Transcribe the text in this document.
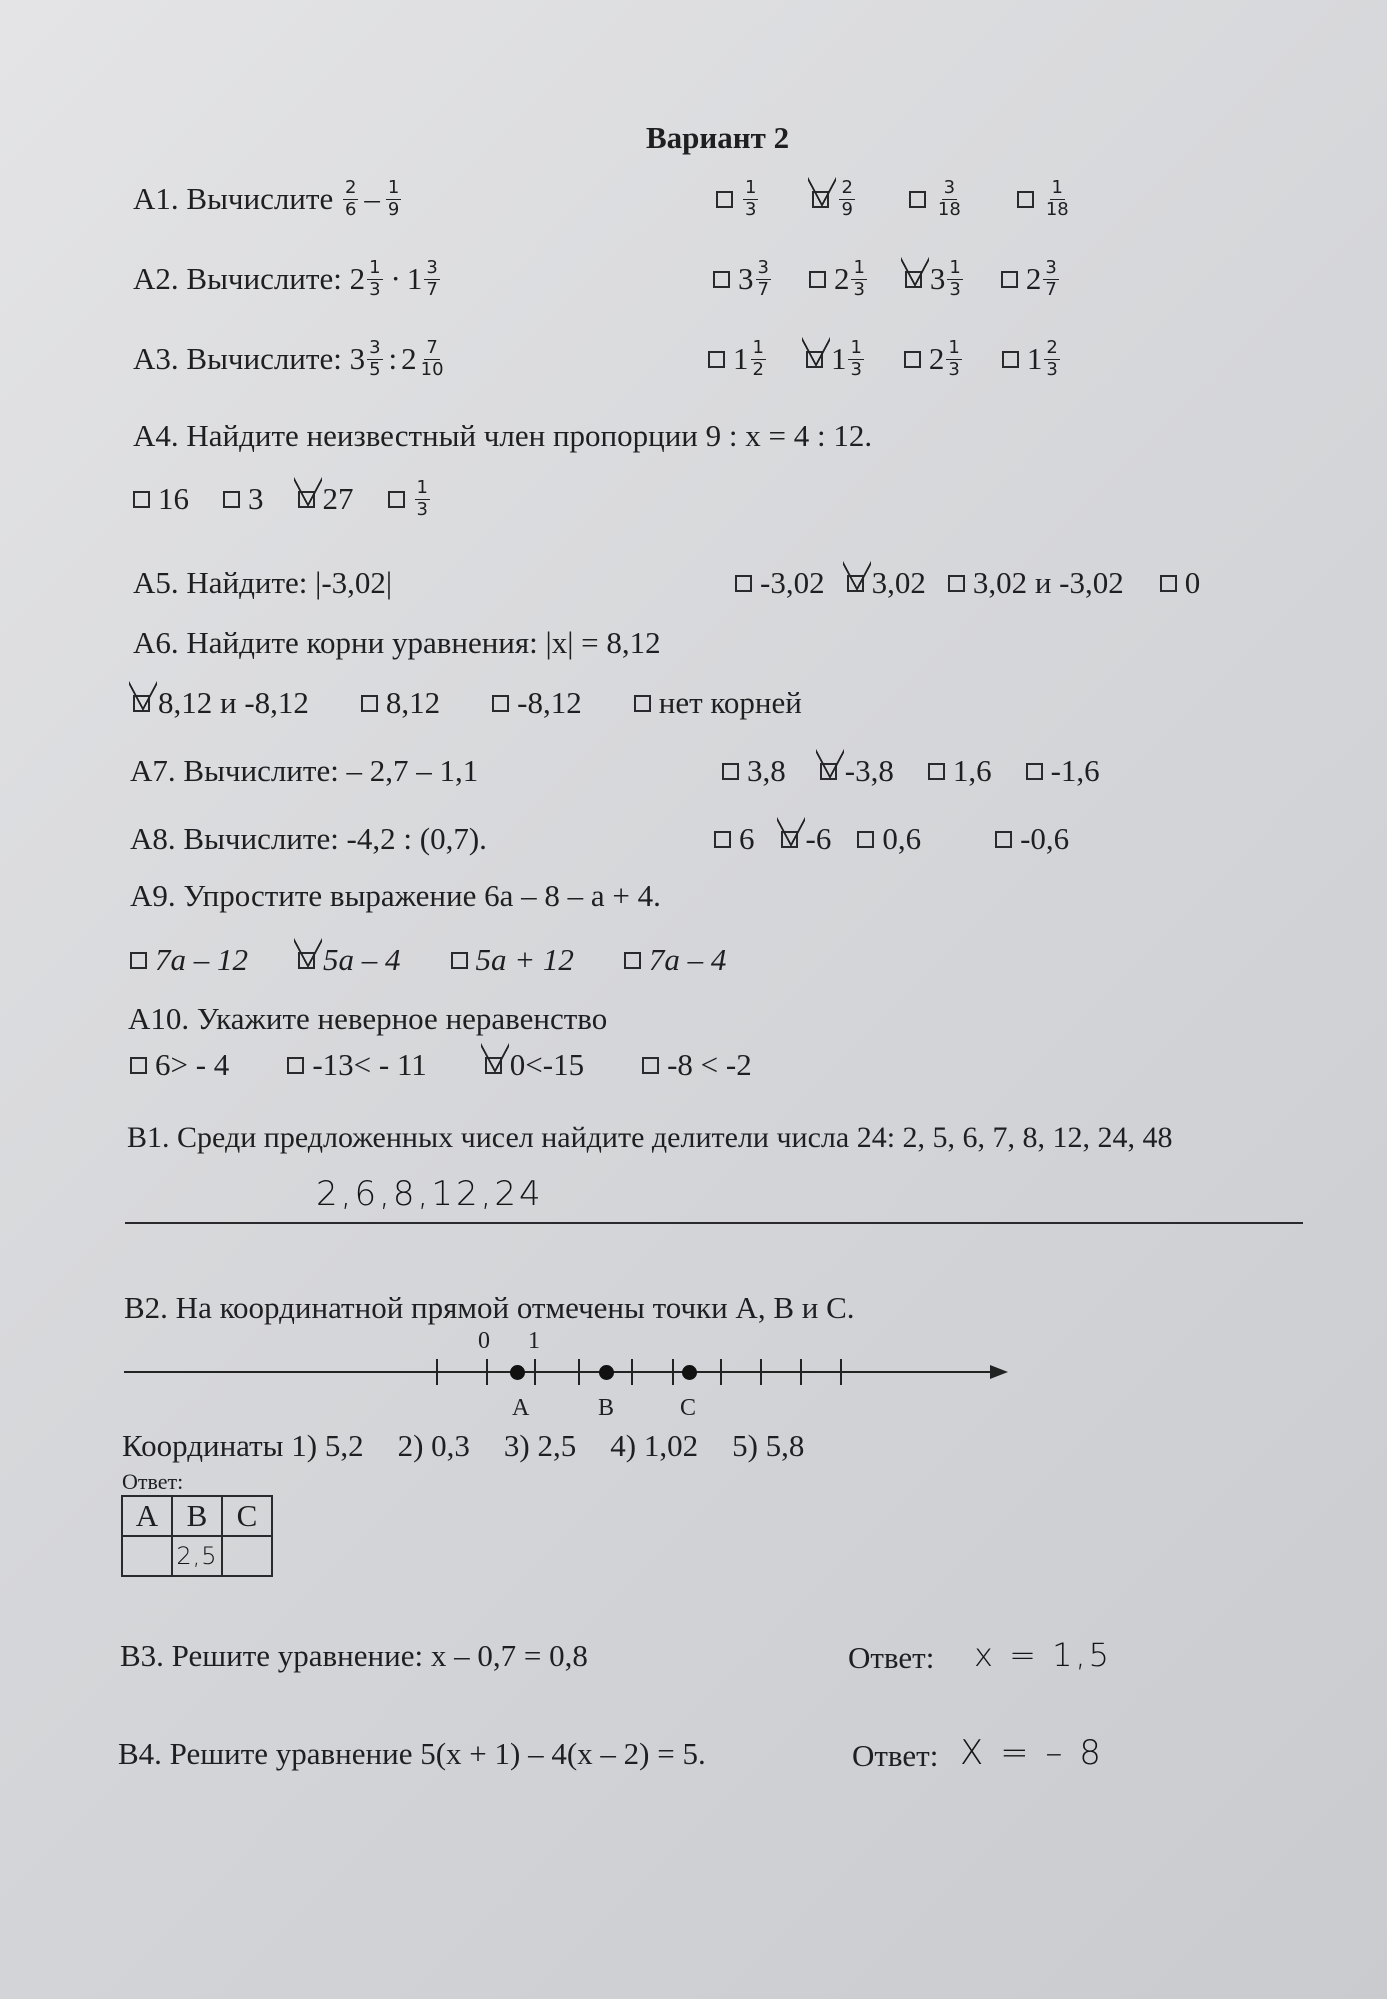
Вариант 2
А1. Вычислите
$\frac{2}{6} - \frac{1}{9}$	$\frac{1}{3}$	$\frac{2}{9}$	$\frac{3}{18}$	$\frac{1}{18}$
А2. Вычислите:
$2 \frac{1}{3} \cdot 1 \frac{3}{7}$	$3 \frac{3}{7} 2 \frac{1}{3} 3 \frac{1}{3} 2 \frac{3}{7}$
А3. Вычислите:
$3 \frac{3}{5}$ : $2 \frac{7}{10}$	$1 \frac{1}{2} 1 \frac{1}{3} 2 \frac{1}{3} 1 \frac{2}{3}$
А4. Найдите неизвестный член пропорции 9 : x = 4 : 12.
16 3 27	$\frac{1}{3}$
А5. Найдите: |-3,02|	-3,02 3,02 3,02 и -3,02 0
А6. Найдите корни уравнения: |x| = 8,12
8,12 и -8,12 8,12 -8,12 нет корней
А7. Вычислите: – 2,7 – 1,1	3,8 -3,8 1,6 -1,6
А8. Вычислите: -4,2 : (0,7).	6 -6 0,6	-0,6
А9. Упростите выражение 6a – 8 – a + 4.
7a – 12 5a – 4 5a + 12 7a – 4
А10. Укажите неверное неравенство
6> - 4	-13< - 11	0<-15	-8 < -2
В1. Среди предложенных чисел найдите делители числа 24: 2, 5, 6, 7, 8, 12, 24, 48
2,6,8,12,24
В2. На координатной прямой отмечены точки A, B и C.
0 1
A	B	C
Координаты 1) 5,2 2) 0,3 3) 2,5 4) 1,02 5) 5,8
Ответ:
A	B	C
	2,5	
В3. Решите уравнение: x – 0,7 = 0,8	Ответ: x = 1,5
В4. Решите уравнение 5(x + 1) – 4(x – 2) = 5.	Ответ: X = – 8
